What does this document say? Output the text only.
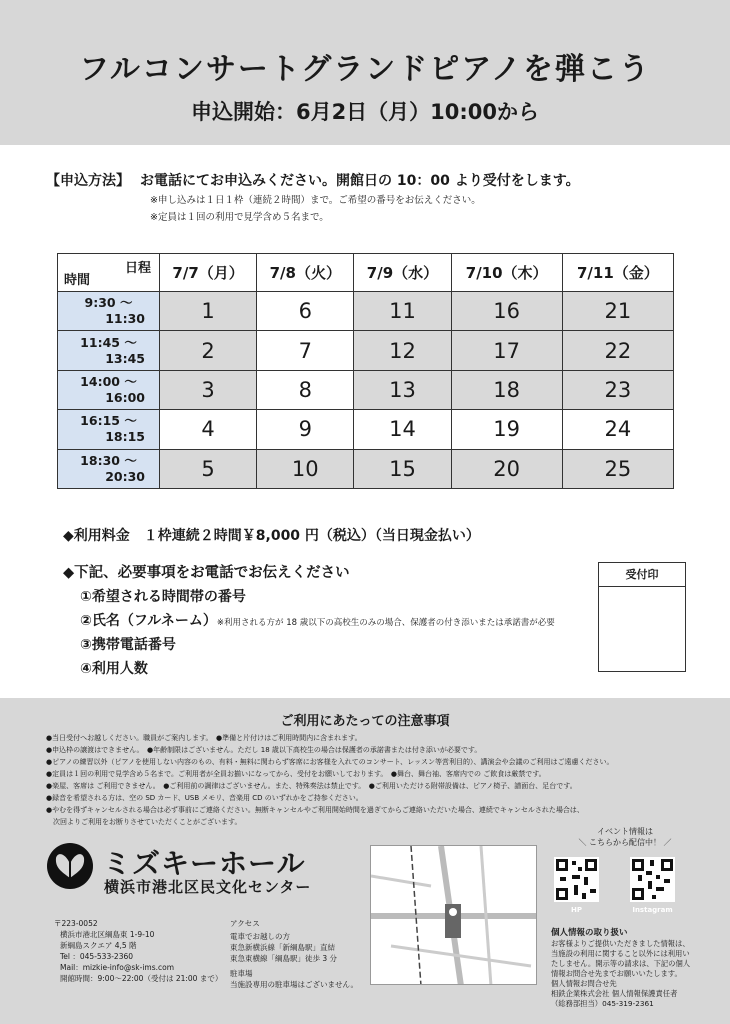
フルコンサートグランドピアノを弾こう
申込開始：6月2日（月）10:00から
【申込方法】 お電話にてお申込みください。開館日の 10：00 より受付をします。
※申し込みは１日１枠（連続２時間）まで。ご希望の番号をお伝えください。
※定員は１回の利用で見学含め５名まで。
日程
時間	7/7（月）	7/8（火）	7/9（水）	7/10（木）	7/11（金）
9:30 ～
11:30	1	6	11	16	21
11:45 ～
13:45	2	7	12	17	22
14:00 ～
16:00	3	8	13	18	23
16:15 ～
18:15	4	9	14	19	24
18:30 ～
20:30	5	10	15	20	25
◆利用料金　１枠連続２時間￥8,000 円（税込）（当日現金払い）
◆下記、必要事項をお電話でお伝えください
①希望される時間帯の番号
②氏名（フルネーム）※利用される方が 18 歳以下の高校生のみの場合、保護者の付き添いまたは承諾書が必要
③携帯電話番号
④利用人数
受付印
ご利用にあたっての注意事項
●当日受付へお越しください。職員がご案内します。　●準備と片付けはご利用時間内に含まれます。
●申込枠の譲渡はできません。　●年齢制限はございません。ただし 18 歳以下高校生の場合は保護者の承諾書または付き添いが必要です。
●ピアノの練習以外（ピアノを使用しない内容のもの、有料・無料に関わらず客席にお客様を入れてのコンサート、レッスン等営利目的）、講演会や会議のご利用はご遠慮ください。
●定員は１回の利用で見学含め５名まで。ご利用者が全員お揃いになってから、受付をお願いしております。　●舞台、舞台袖、客席内での ご飲食は厳禁です。
●楽屋、客席は ご利用できません。　●ご利用前の調律はございません。また、特殊奏法は禁止です。　●ご利用いただける附帯設備は、ピアノ椅子、譜面台、足台です。
●録音を希望される方は、空の SD カード、USB メモリ、音楽用 CD のいずれかをご持参ください。
●やむを得ずキャンセルされる場合は必ず事前にご連絡ください。無断キャンセルやご利用開始時間を過ぎてからご連絡いただいた場合、連続でキャンセルされた場合は、
　次回よりご利用をお断りさせていただくことがございます。
ミズキーホール
横浜市港北区民文化センター
〒223-0052
横浜市港北区綱島東 1-9-10
新綱島スクエア 4,5 階
Tel ：045-533-2360
Mail：mizkie-info@sk-ims.com
開館時間：9:00～22:00（受付は 21:00 まで）
アクセス
電車でお越しの方
東急新横浜線「新綱島駅」直結
東急東横線「綱島駅」徒歩 3 分
駐車場
当施設専用の駐車場はございません。
イベント情報は
＼ こちらから配信中！ ／
HP	Instagram
個人情報の取り扱い
お客様よりご提供いただきました情報は、
当施設の利用に関すること以外には利用い
たしません。開示等の請求は、下記の個人
情報お問合せ先までお願いいたします。
個人情報お問合せ先
相鉄企業株式会社 個人情報保護責任者
（総務部担当）045-319-2361
